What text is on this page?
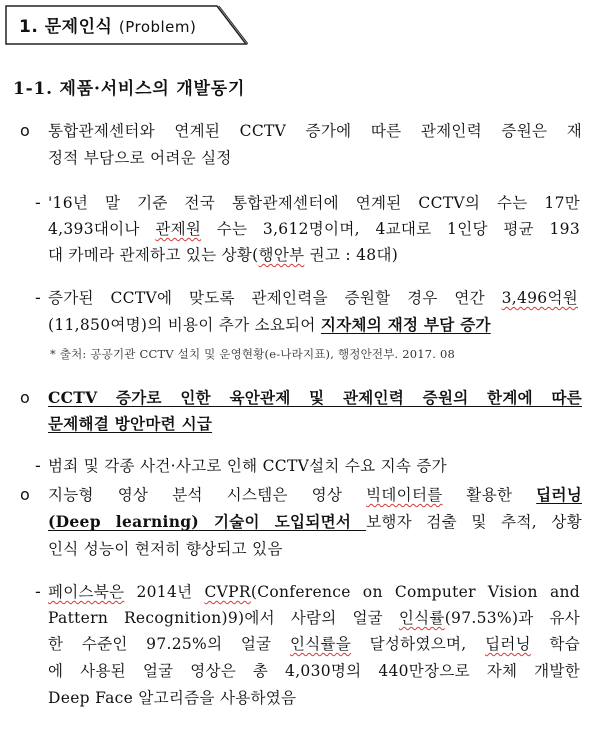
1. 문제인식 (Problem)
1-1. 제품·서비스의 개발동기
ο 통합관제센터와 연계된 CCTV 증가에 따른 관제인력 증원은 재
정적 부담으로 어려운 실정
- '16년 말 기준 전국 통합관제센터에 연계된 CCTV의 수는 17만
4,393대이나 관제원 수는 3,612명이며, 4교대로 1인당 평균 193
대 카메라 관제하고 있는 상황(행안부 권고 : 48대)
- 증가된 CCTV에 맞도록 관제인력을 증원할 경우 연간 3,496억원
(11,850여명)의 비용이 추가 소요되어 지자체의 재정 부담 증가
* 출처: 공공기관 CCTV 설치 및 운영현황(e-나라지표), 행정안전부. 2017. 08
ο CCTV 증가로 인한 육안관제 및 관제인력 증원의 한계에 따른
문제해결 방안마련 시급
- 범죄 및 각종 사건·사고로 인해 CCTV설치 수요 지속 증가
ο 지능형 영상 분석 시스템은 영상 빅데이터를 활용한 딥러닝
(Deep learning) 기술이 도입되면서 보행자 검출 및 추적, 상황
인식 성능이 현저히 향상되고 있음
- 페이스북은 2014년 CVPR(Conference on Computer Vision and
Pattern Recognition)9)에서 사람의 얼굴 인식률(97.53%)과 유사
한 수준인 97.25%의 얼굴 인식률을 달성하였으며, 딥러닝 학습
에 사용된 얼굴 영상은 총 4,030명의 440만장으로 자체 개발한
Deep Face 알고리즘을 사용하였음
